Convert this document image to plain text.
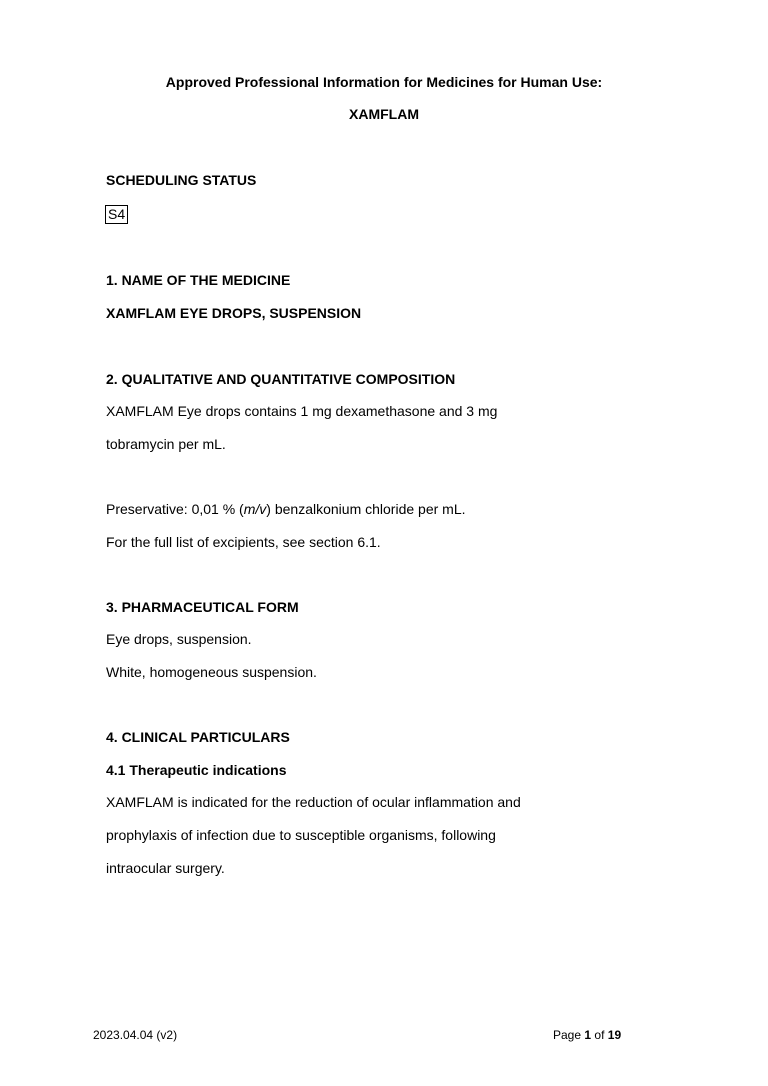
Approved Professional Information for Medicines for Human Use:
XAMFLAM
SCHEDULING STATUS
S4
1. NAME OF THE MEDICINE
XAMFLAM EYE DROPS, SUSPENSION
2. QUALITATIVE AND QUANTITATIVE COMPOSITION
XAMFLAM Eye drops contains 1 mg dexamethasone and 3 mg
tobramycin per mL.
Preservative: 0,01 % (m/v) benzalkonium chloride per mL.
For the full list of excipients, see section 6.1.
3. PHARMACEUTICAL FORM
Eye drops, suspension.
White, homogeneous suspension.
4. CLINICAL PARTICULARS
4.1 Therapeutic indications
XAMFLAM is indicated for the reduction of ocular inflammation and
prophylaxis of infection due to susceptible organisms, following
intraocular surgery.
2023.04.04 (v2)	Page 1 of 19
